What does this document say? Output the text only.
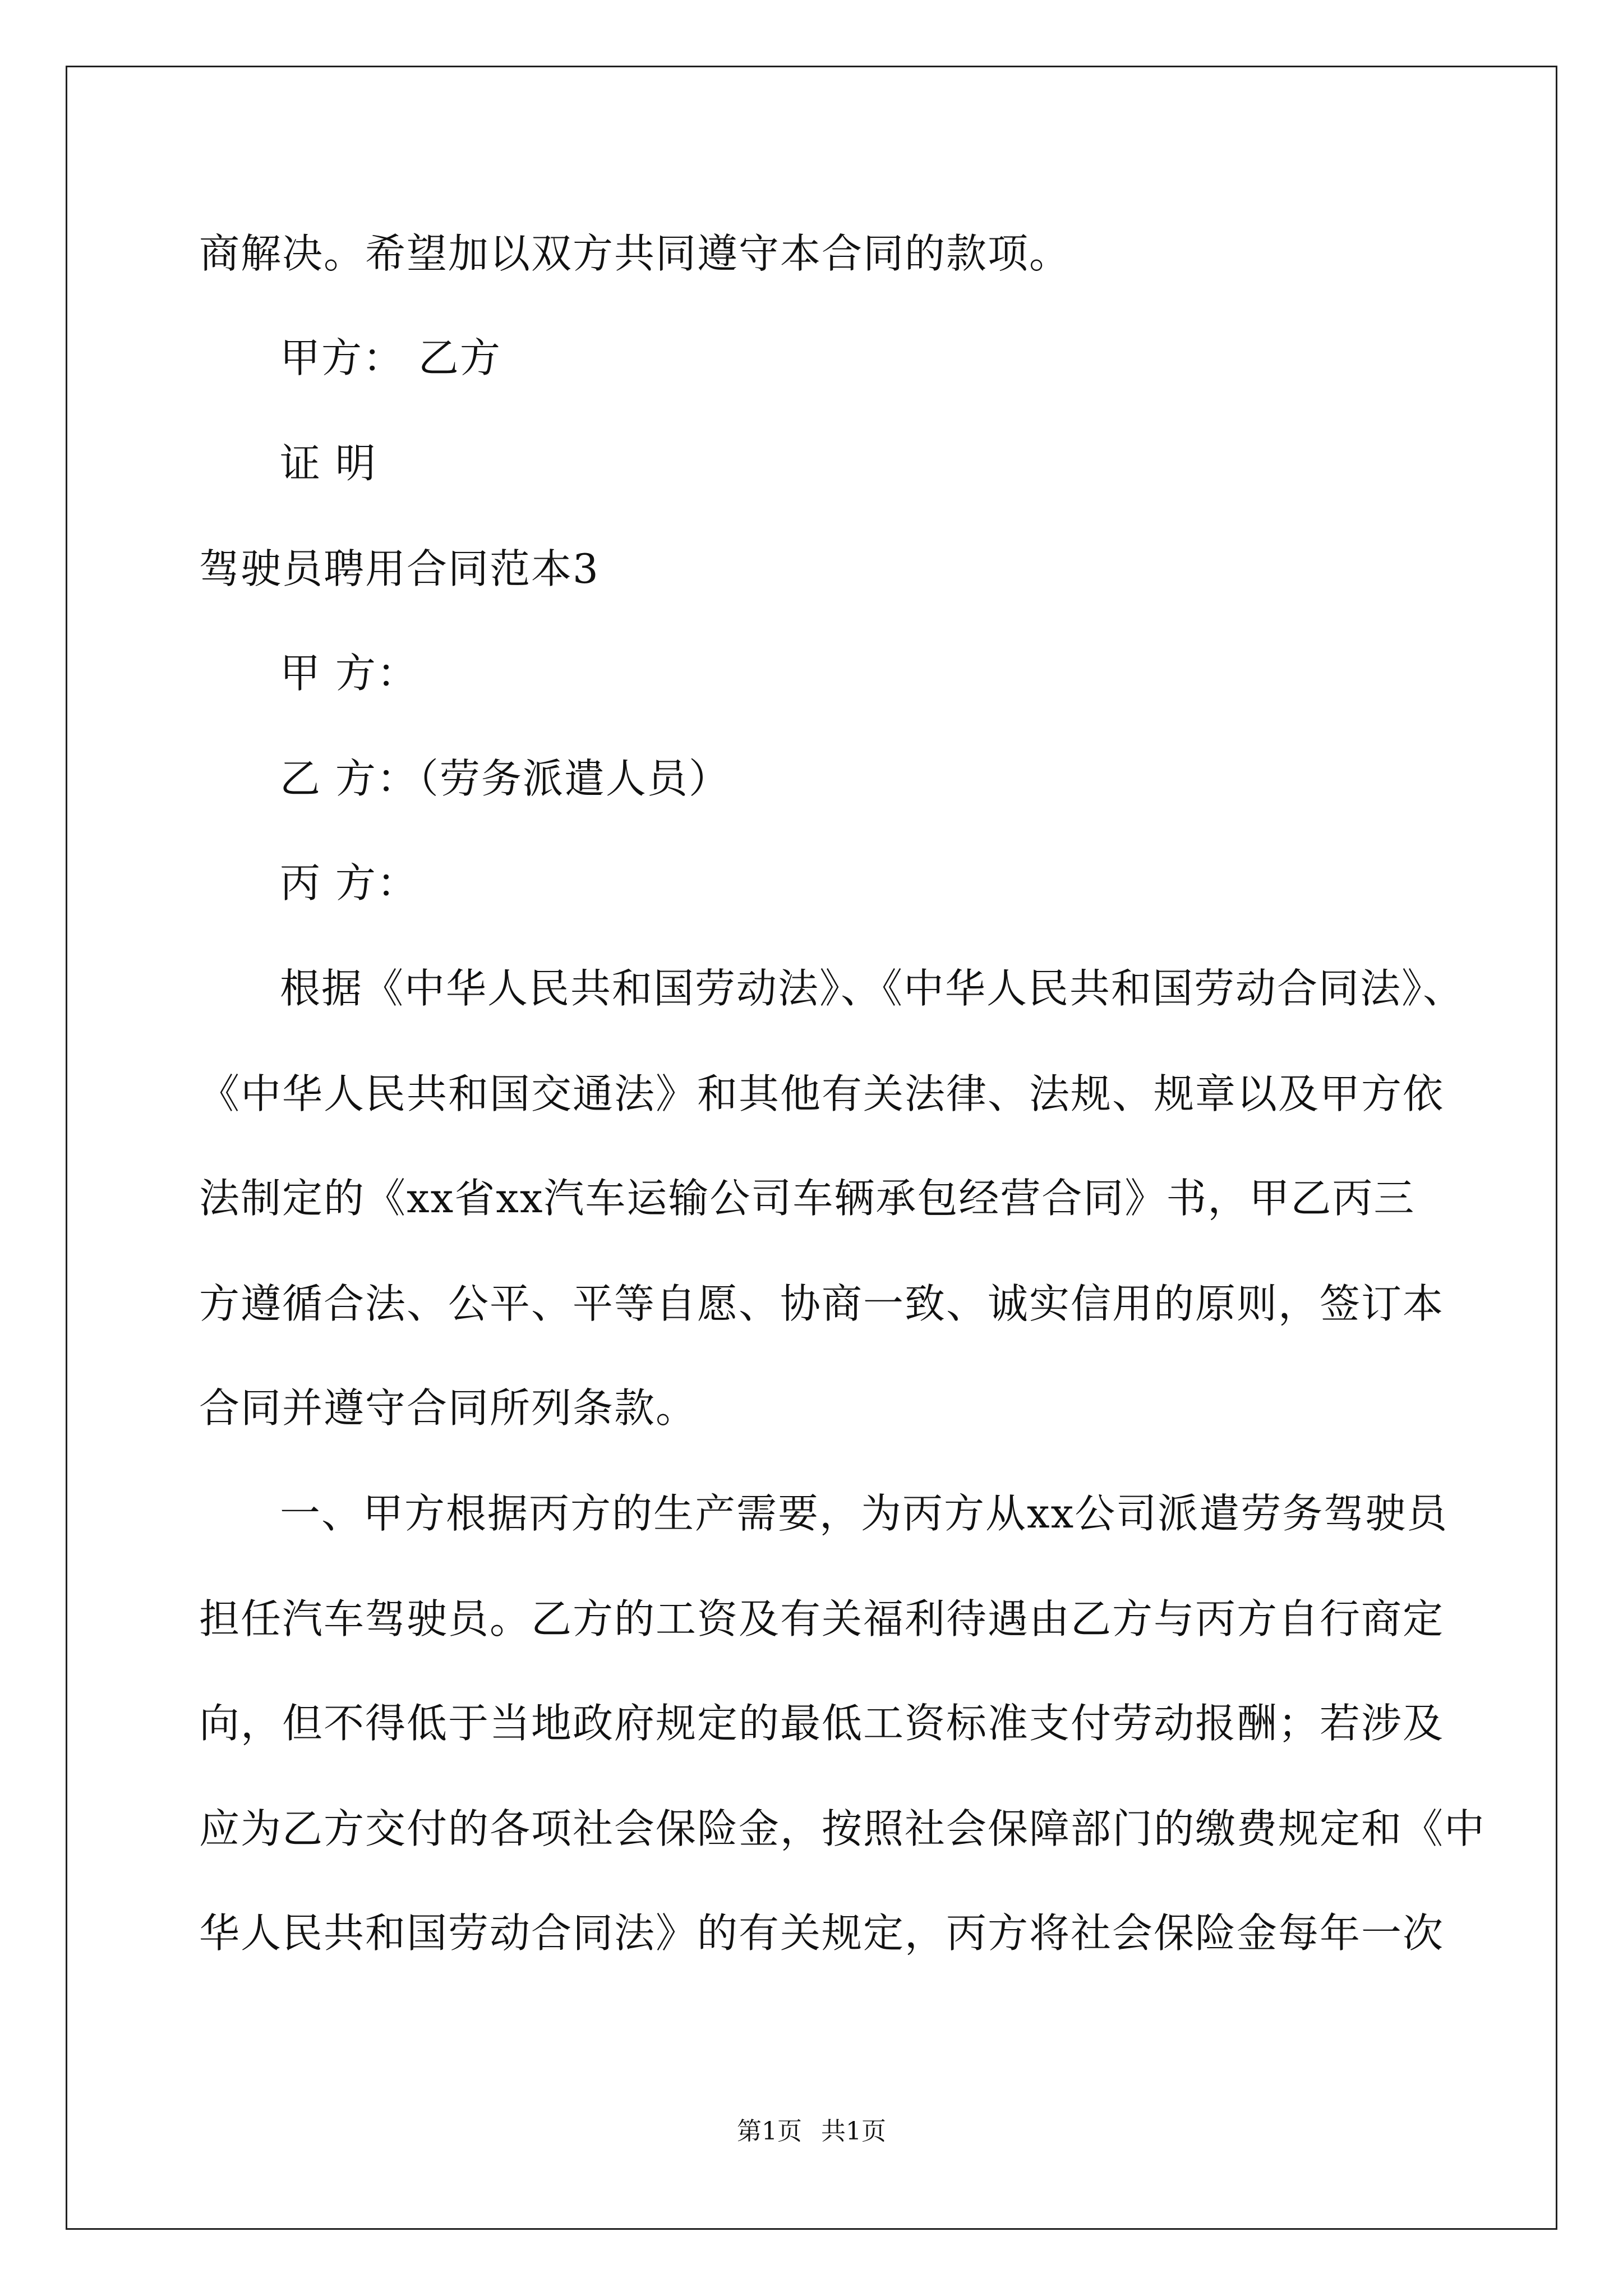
商解决。希望加以双方共同遵守本合同的款项。
甲方： 乙方
证 明
驾驶员聘用合同范本3
甲 方：
乙 方：（劳务派遣人员）
丙 方：
根据《中华人民共和国劳动法》、《中华人民共和国劳动合同法》、
《中华人民共和国交通法》和其他有关法律、法规、规章以及甲方依
法制定的《xx省xx汽车运输公司车辆承包经营合同》书，甲乙丙三
方遵循合法、公平、平等自愿、协商一致、诚实信用的原则，签订本
合同并遵守合同所列条款。
一、甲方根据丙方的生产需要，为丙方从xx公司派遣劳务驾驶员
担任汽车驾驶员。乙方的工资及有关福利待遇由乙方与丙方自行商定
向，但不得低于当地政府规定的最低工资标准支付劳动报酬；若涉及
应为乙方交付的各项社会保险金，按照社会保障部门的缴费规定和《中
华人民共和国劳动合同法》的有关规定，丙方将社会保险金每年一次
第1页 共1页
